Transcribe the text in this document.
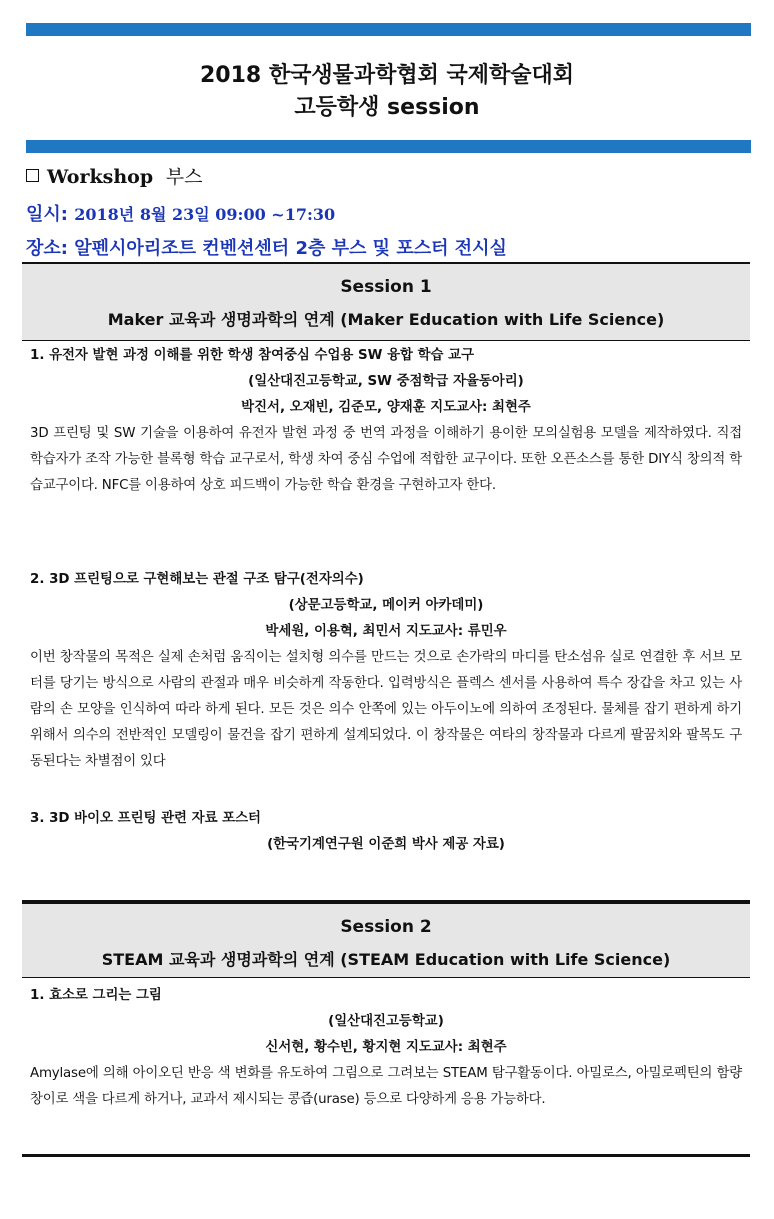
2018 한국생물과학협회 국제학술대회
고등학생 session
Workshop 부스
일시: 2018년 8월 23일 09:00 ~17:30
장소: 알펜시아리조트 컨벤션센터 2층 부스 및 포스터 전시실
Session 1
Maker 교육과 생명과학의 연계 (Maker Education with Life Science)
1. 유전자 발현 과정 이해를 위한 학생 참여중심 수업용 SW 융합 학습 교구
(일산대진고등학교, SW 중점학급 자율동아리)
박진서, 오재빈, 김준모, 양재훈 지도교사: 최현주
3D 프린팅 및 SW 기술을 이용하여 유전자 발현 과정 중 번역 과정을 이해하기 용이한 모의실험용 모델을 제작하였다. 직접 학습자가 조작 가능한 블록형 학습 교구로서, 학생 차여 중심 수업에 적합한 교구이다. 또한 오픈소스를 통한 DIY식 창의적 학습교구이다. NFC를 이용하여 상호 피드백이 가능한 학습 환경을 구현하고자 한다.
2. 3D 프린팅으로 구현해보는 관절 구조 탐구(전자의수)
(상문고등학교, 메이커 아카데미)
박세원, 이용혁, 최민서 지도교사: 류민우
이번 창작물의 목적은 실제 손처럼 움직이는 설치형 의수를 만드는 것으로 손가락의 마디를 탄소섬유 실로 연결한 후 서브 모터를 당기는 방식으로 사람의 관절과 매우 비슷하게 작동한다. 입력방식은 플렉스 센서를 사용하여 특수 장갑을 차고 있는 사람의 손 모양을 인식하여 따라 하게 된다. 모든 것은 의수 안쪽에 있는 아두이노에 의하여 조정된다. 물체를 잡기 편하게 하기 위해서 의수의 전반적인 모델링이 물건을 잡기 편하게 설계되었다. 이 창작물은 여타의 창작물과 다르게 팔꿈치와 팔목도 구동된다는 차별점이 있다
3. 3D 바이오 프린팅 관련 자료 포스터
(한국기계연구원 이준희 박사 제공 자료)
Session 2
STEAM 교육과 생명과학의 연계 (STEAM Education with Life Science)
1. 효소로 그리는 그림
(일산대진고등학교)
신서현, 황수빈, 황지현 지도교사: 최현주
Amylase에 의해 아이오딘 반응 색 변화를 유도하여 그림으로 그려보는 STEAM 탐구활동이다. 아밀로스, 아밀로펙틴의 함량 창이로 색을 다르게 하거나, 교과서 제시되는 콩즙(urase) 등으로 다양하게 응용 가능하다.
